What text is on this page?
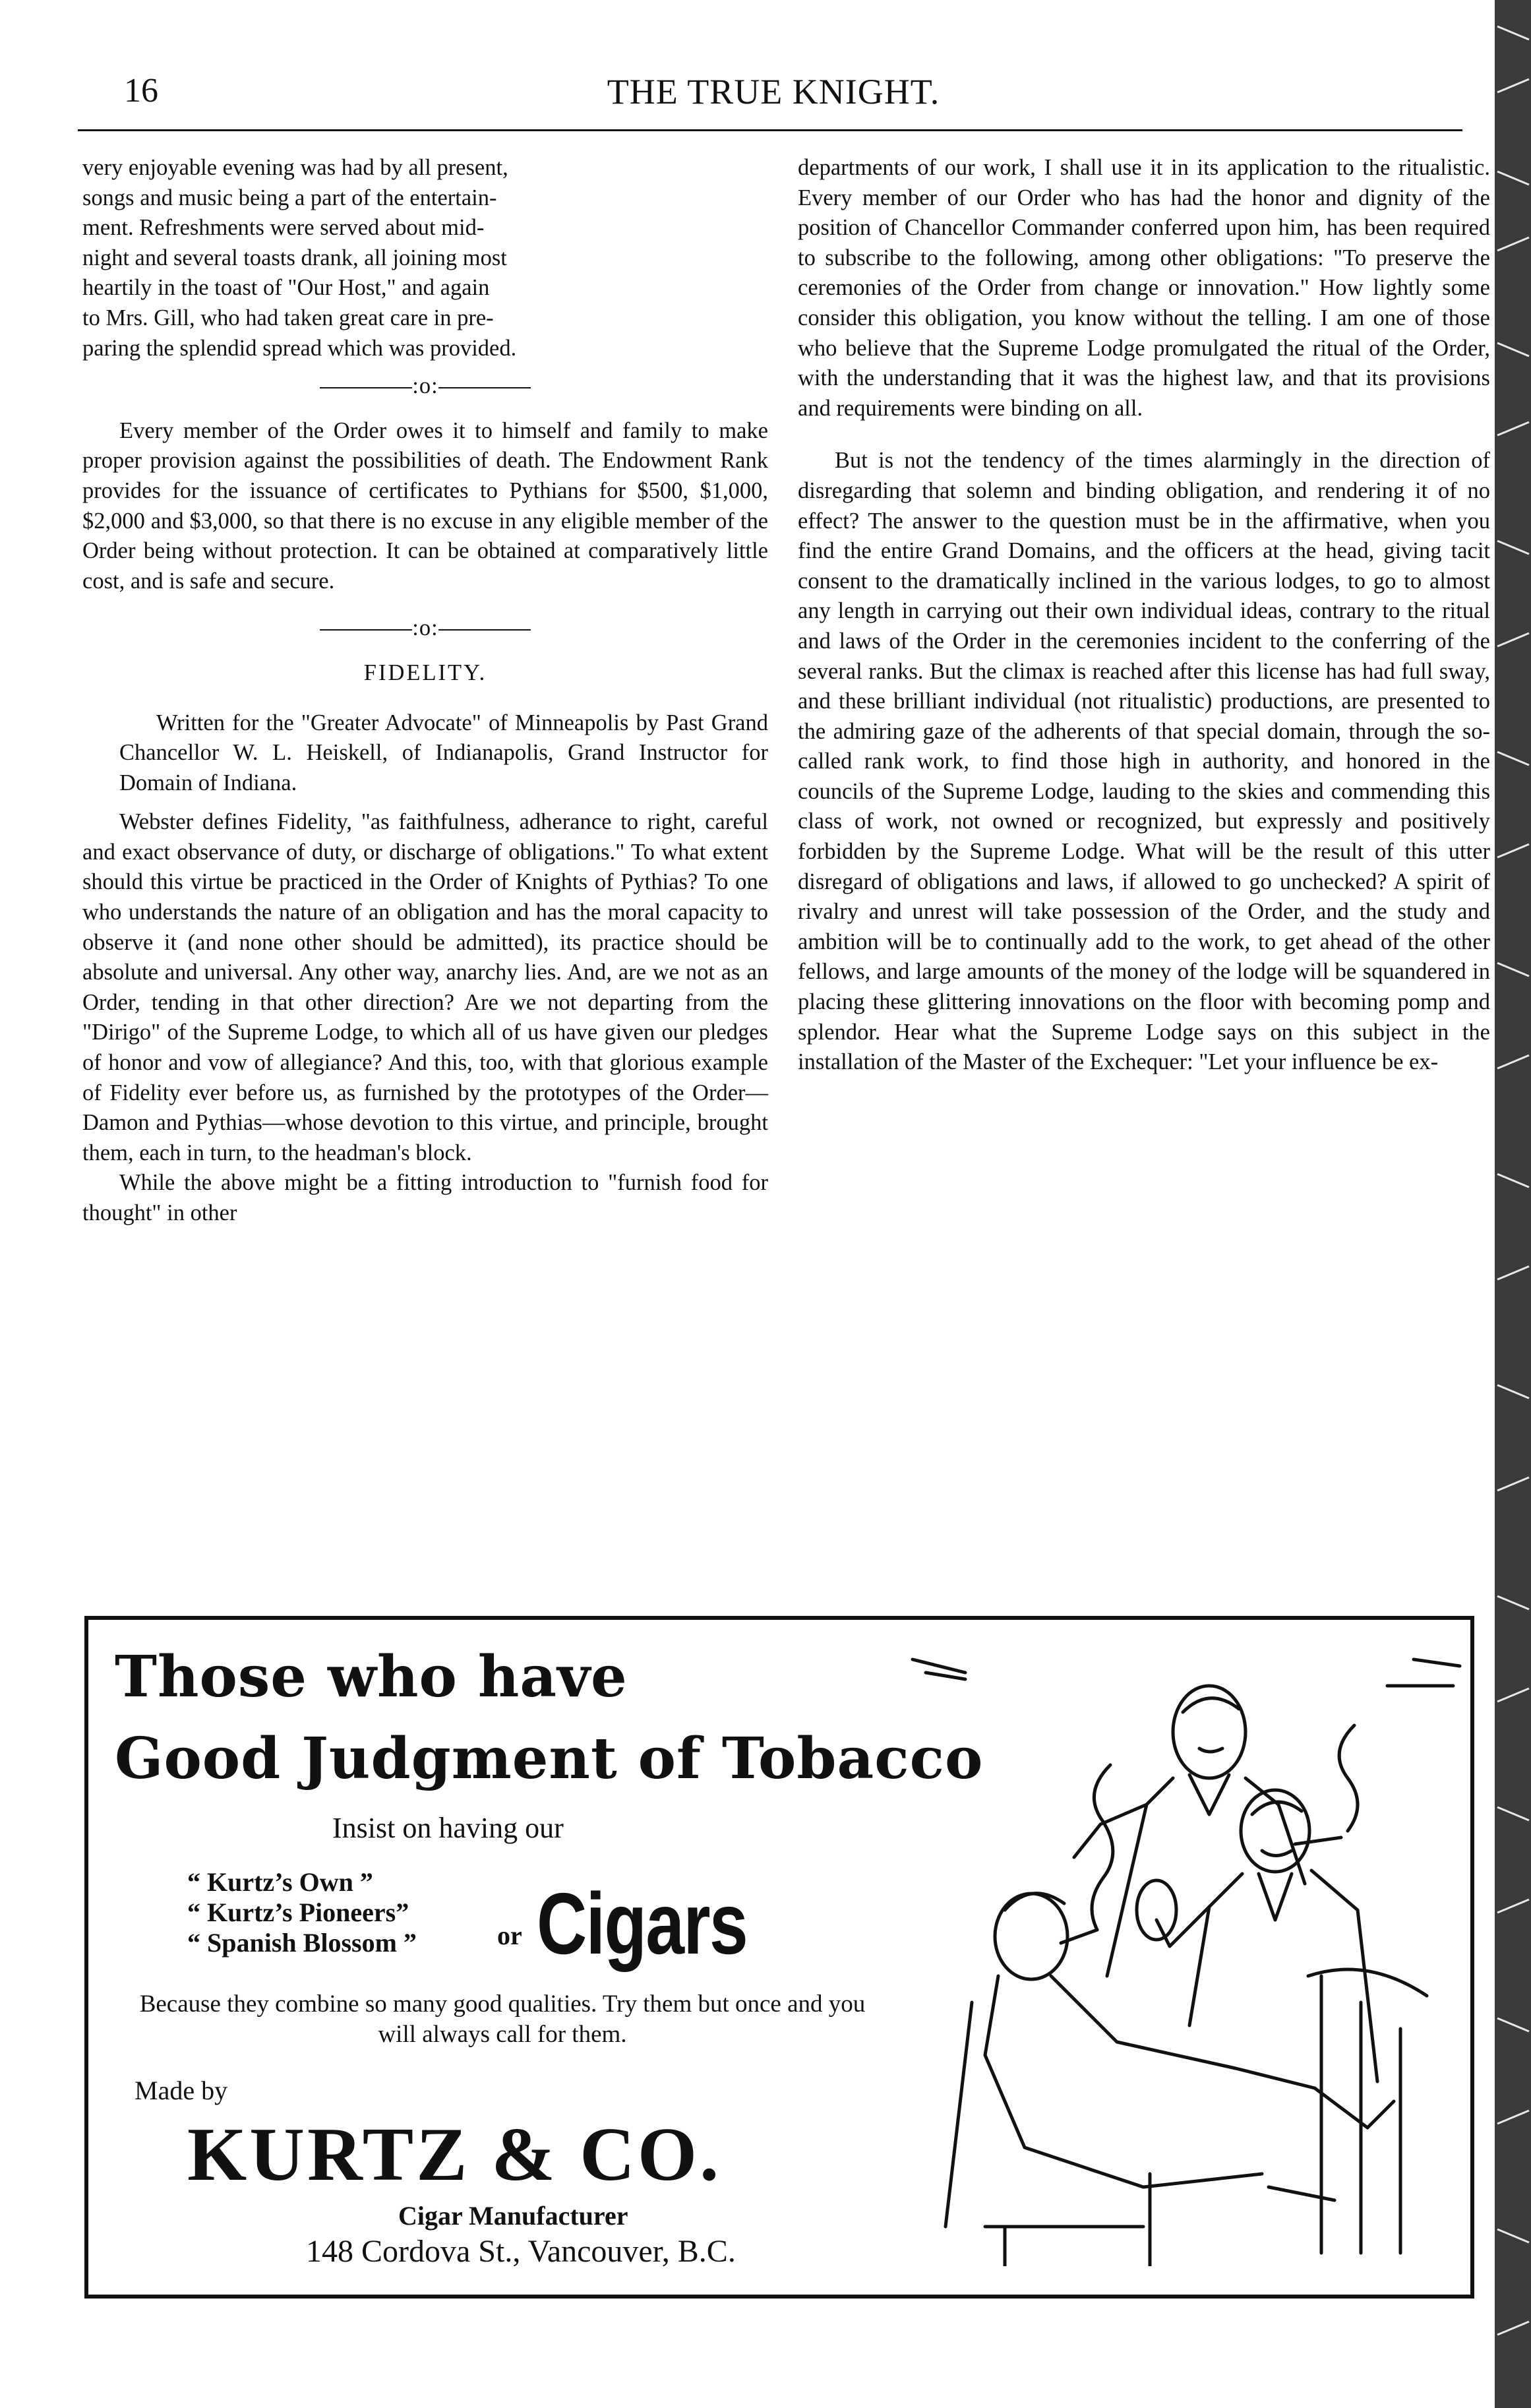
16	THE TRUE KNIGHT.

very enjoyable evening was had by all present,

songs and music being a part of the entertain-

ment. Refreshments were served about mid-

night and several toasts drank, all joining most

heartily in the toast of "Our Host," and again

to Mrs. Gill, who had taken great care in pre-

paring the splendid spread which was provided.

:o:

Every member of the Order owes it to himself and family to make proper provision against the possibilities of death. The Endowment Rank provides for the issuance of certificates to Pythians for $500, $1,000, $2,000 and $3,000, so that there is no excuse in any eligible member of the Order being without protection. It can be obtained at comparatively little cost, and is safe and secure.

:o:
FIDELITY.

Written for the "Greater Advocate" of Minneapolis by Past Grand Chancellor W. L. Heiskell, of Indianapolis, Grand Instructor for Domain of Indiana.

Webster defines Fidelity, "as faithfulness, adherance to right, careful and exact observance of duty, or discharge of obligations." To what extent should this virtue be practiced in the Order of Knights of Pythias? To one who understands the nature of an obligation and has the moral capacity to observe it (and none other should be admitted), its practice should be absolute and universal. Any other way, anarchy lies. And, are we not as an Order, tending in that other direction? Are we not departing from the "Dirigo" of the Supreme Lodge, to which all of us have given our pledges of honor and vow of allegiance? And this, too, with that glorious example of Fidelity ever before us, as furnished by the prototypes of the Order—Damon and Pythias—whose devotion to this virtue, and principle, brought them, each in turn, to the headman's block.

While the above might be a fitting introduction to "furnish food for thought" in other

departments of our work, I shall use it in its application to the ritualistic. Every member of our Order who has had the honor and dignity of the position of Chancellor Commander conferred upon him, has been required to subscribe to the following, among other obligations: "To preserve the ceremonies of the Order from change or innovation." How lightly some consider this obligation, you know without the telling. I am one of those who believe that the Supreme Lodge promulgated the ritual of the Order, with the understanding that it was the highest law, and that its provisions and requirements were binding on all.

But is not the tendency of the times alarmingly in the direction of disregarding that solemn and binding obligation, and rendering it of no effect? The answer to the question must be in the affirmative, when you find the entire Grand Domains, and the officers at the head, giving tacit consent to the dramatically inclined in the various lodges, to go to almost any length in carrying out their own individual ideas, contrary to the ritual and laws of the Order in the ceremonies incident to the conferring of the several ranks. But the climax is reached after this license has had full sway, and these brilliant individual (not ritualistic) productions, are presented to the admiring gaze of the adherents of that special domain, through the so-called rank work, to find those high in authority, and honored in the councils of the Supreme Lodge, lauding to the skies and commending this class of work, not owned or recognized, but expressly and positively forbidden by the Supreme Lodge. What will be the result of this utter disregard of obligations and laws, if allowed to go unchecked? A spirit of rivalry and unrest will take possession of the Order, and the study and ambition will be to continually add to the work, to get ahead of the other fellows, and large amounts of the money of the lodge will be squandered in placing these glittering innovations on the floor with becoming pomp and splendor. Hear what the Supreme Lodge says on this subject in the installation of the Master of the Exchequer: "Let your influence be ex-

Those who have
Good Judgment of Tobacco
Insist on having our
“ Kurtz’s Own ”
“ Kurtz’s Pioneers”
“ Spanish Blossom ”	or Cigars
Because they combine so many good qualities. Try them but once and you will always call for them.
Made by
KURTZ & CO.
Cigar Manufacturer
148 Cordova St., Vancouver, B.C.
